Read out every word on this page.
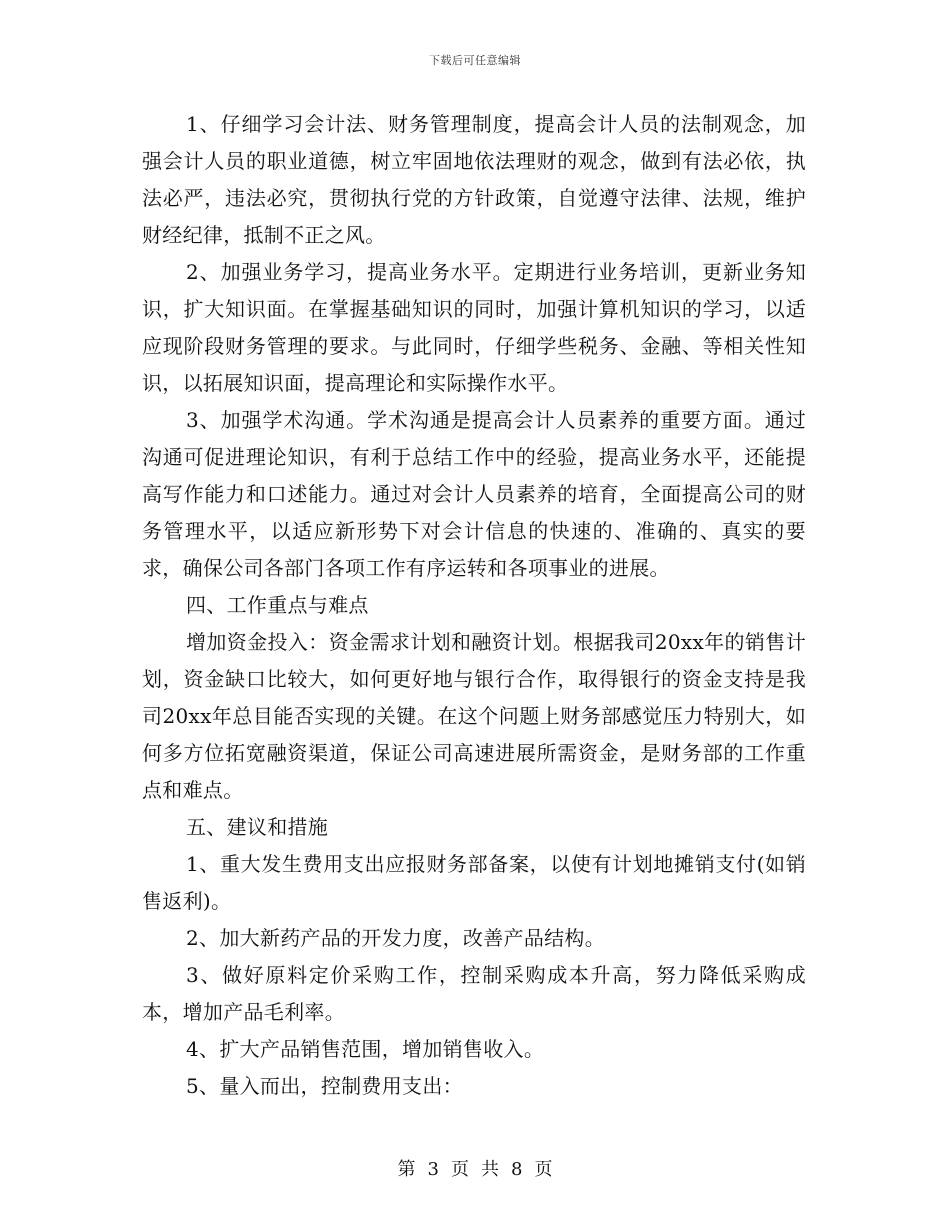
下载后可任意编辑

1、仔细学习会计法、财务管理制度，提高会计人员的法制观念，加强会计人员的职业道德，树立牢固地依法理财的观念，做到有法必依，执法必严，违法必究，贯彻执行党的方针政策，自觉遵守法律、法规，维护财经纪律，抵制不正之风。

2、加强业务学习，提高业务水平。定期进行业务培训，更新业务知识，扩大知识面。在掌握基础知识的同时，加强计算机知识的学习，以适应现阶段财务管理的要求。与此同时，仔细学些税务、金融、等相关性知识，以拓展知识面，提高理论和实际操作水平。

3、加强学术沟通。学术沟通是提高会计人员素养的重要方面。通过沟通可促进理论知识，有利于总结工作中的经验，提高业务水平，还能提高写作能力和口述能力。通过对会计人员素养的培育，全面提高公司的财务管理水平，以适应新形势下对会计信息的快速的、准确的、真实的要求，确保公司各部门各项工作有序运转和各项事业的进展。

四、工作重点与难点

增加资金投入：资金需求计划和融资计划。根据我司20xx年的销售计划，资金缺口比较大，如何更好地与银行合作，取得银行的资金支持是我司20xx年总目能否实现的关键。在这个问题上财务部感觉压力特别大，如何多方位拓宽融资渠道，保证公司高速进展所需资金，是财务部的工作重点和难点。

五、建议和措施

1、重大发生费用支出应报财务部备案，以使有计划地摊销支付(如销售返利)。

2、加大新药产品的开发力度，改善产品结构。

3、做好原料定价采购工作，控制采购成本升高，努力降低采购成本，增加产品毛利率。

4、扩大产品销售范围，增加销售收入。

5、量入而出，控制费用支出：

第 3 页 共 8 页
